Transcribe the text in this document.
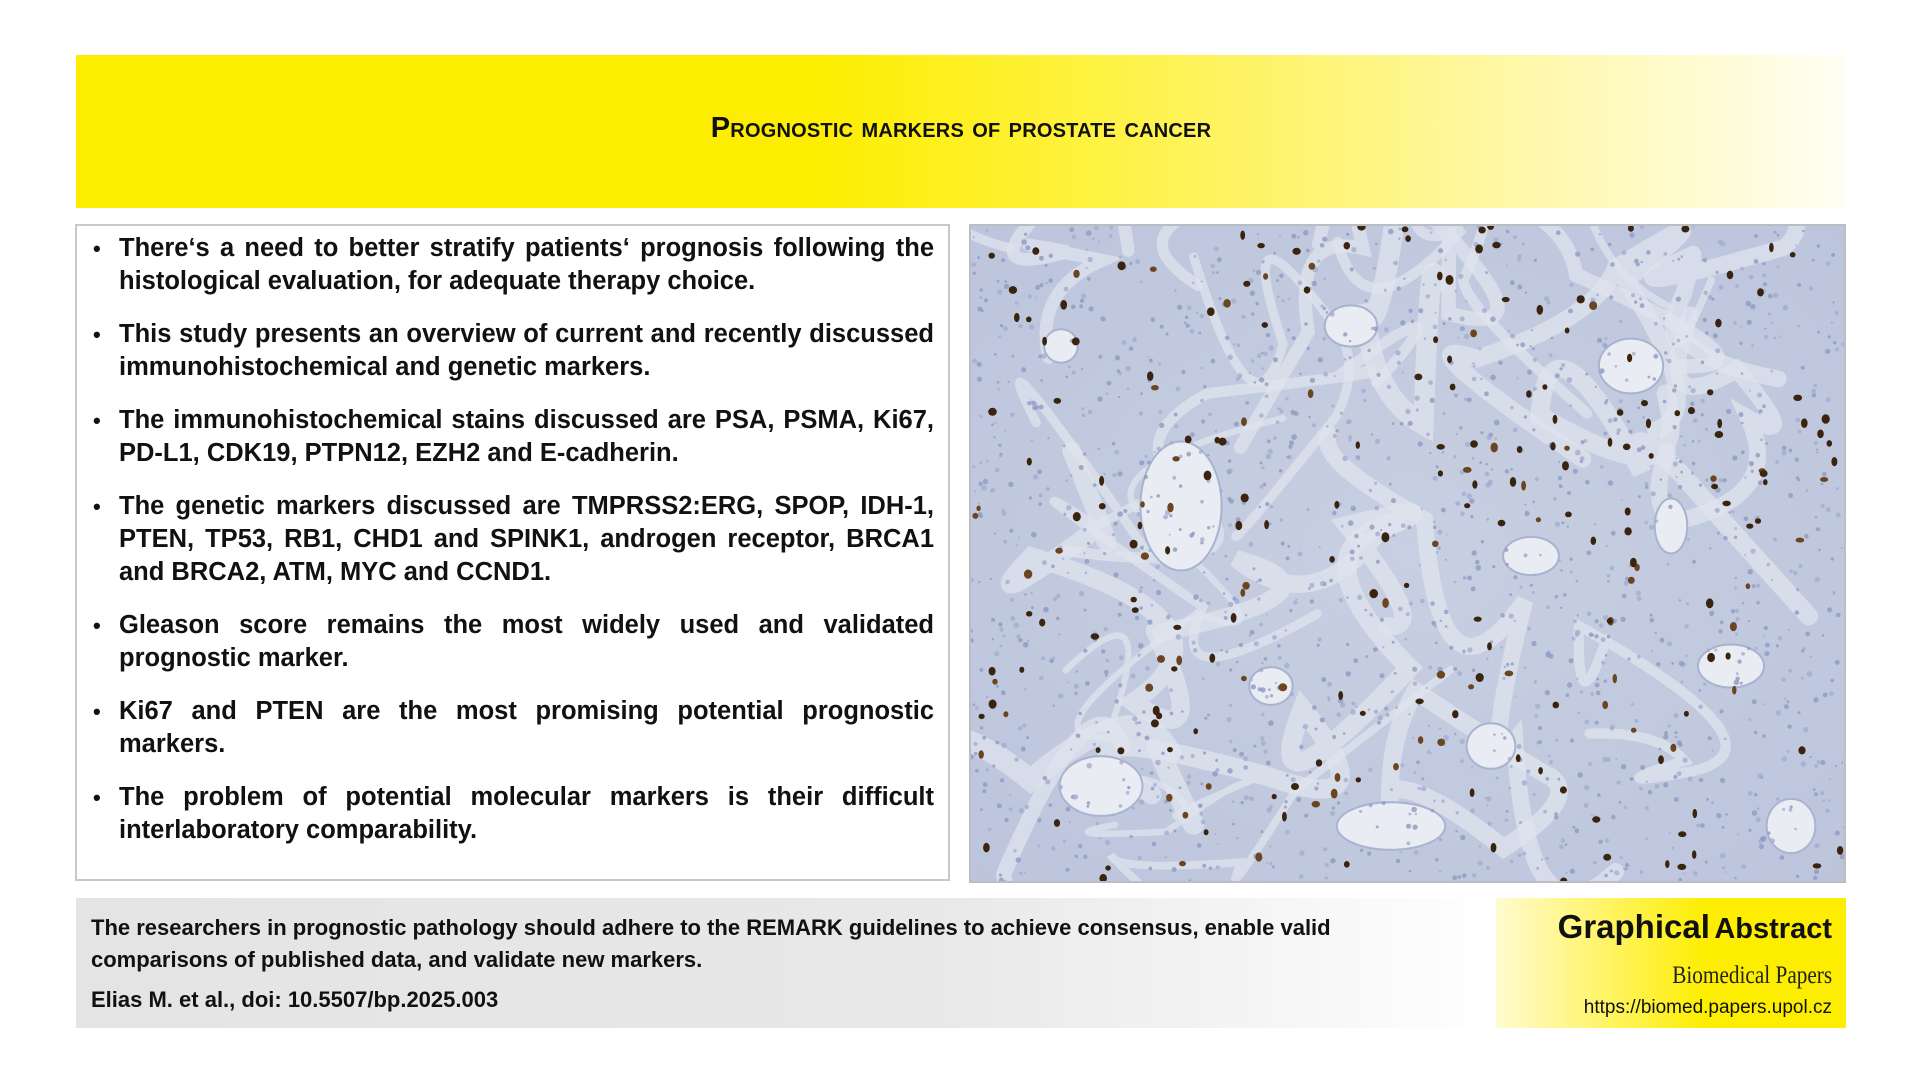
Prognostic markers of prostate cancer
• There‘s a need to better stratify patients‘ prognosis following the histological evaluation, for adequate therapy choice.
• This study presents an overview of current and recently discussed immunohistochemical and genetic markers.
• The immunohistochemical stains discussed are PSA, PSMA, Ki67, PD-L1, CDK19, PTPN12, EZH2 and E-cadherin.
• The genetic markers discussed are TMPRSS2:ERG, SPOP, IDH-1, PTEN, TP53, RB1, CHD1 and SPINK1, androgen receptor, BRCA1 and BRCA2, ATM, MYC and CCND1.
• Gleason score remains the most widely used and validated prognostic marker.
• Ki67 and PTEN are the most promising potential prognostic markers.
• The problem of potential molecular markers is their difficult interlaboratory comparability.
The researchers in prognostic pathology should adhere to the REMARK guidelines to achieve consensus, enable valid comparisons of published data, and validate new markers.
Elias M. et al., doi: 10.5507/bp.2025.003
Graphical Abstract
Biomedical Papers
https://biomed.papers.upol.cz
